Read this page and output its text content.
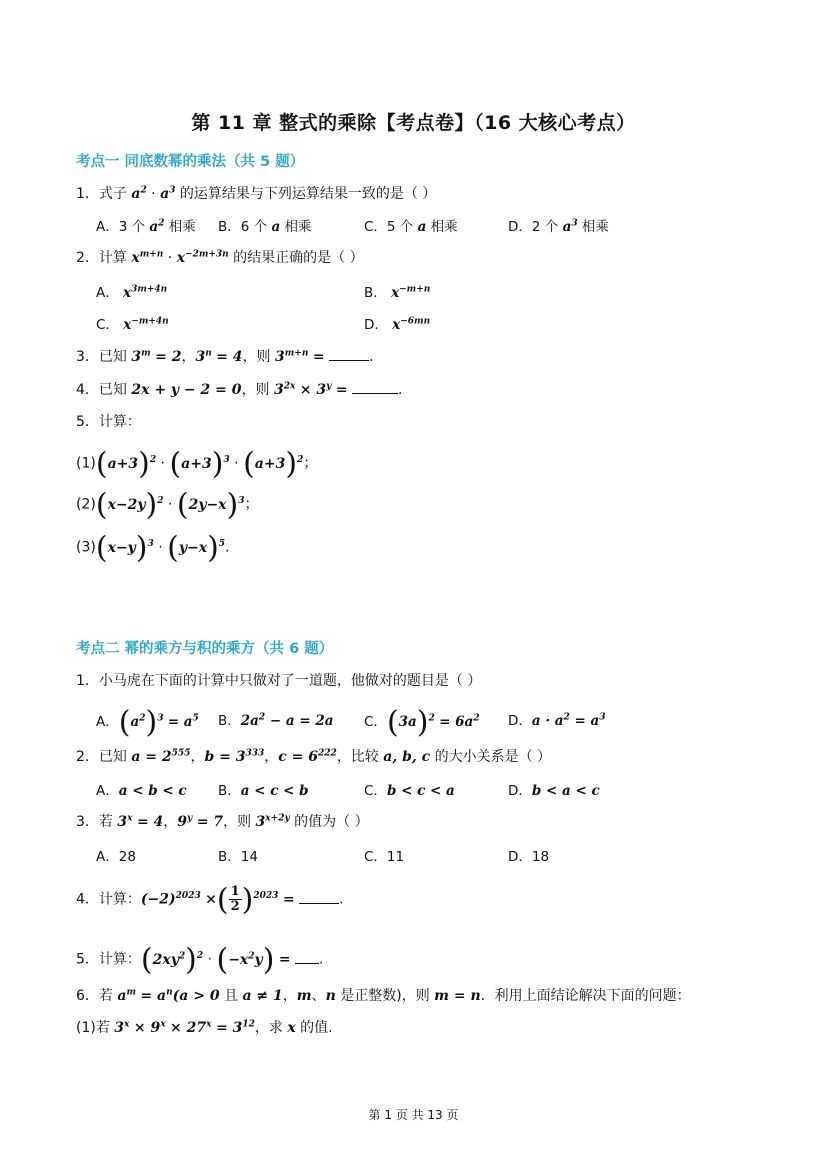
第 11 章 整式的乘除【考点卷】（16 大核心考点）
考点一 同底数幂的乘法（共 5 题）
1．式子 $a^2 \cdot a^3$ 的运算结果与下列运算结果一致的是（ ）
A．3 个 $a^2$ 相乘 B．6 个 a 相乘	C．5 个 a 相乘	D．2 个 $a^3$ 相乘
2．计算 $x^{m+n} \cdot x^{-2m+3n}$ 的结果正确的是（ ）
A． $x^{3m+4n}$	B． $x^{-m+n}$
C． $x^{-m+4n}$	D． $x^{-6mn}$
3．已知 $3^m = 2$，$3^n = 4$，则 $3^{m+n}$ =	.
4．已知 2x + y − 2 = 0，则 $3^{2x} \times 3^y$ =	.
5．计算：
$(1)(a+3)^2 \cdot (a+3)^3 \cdot (a+3)^2$；
$(2)(x-2y)^2 \cdot (2y-x)^3$；
$(3)(x-y)^3 \cdot (y-x)^5$.
考点二 幂的乘方与积的乘方（共 6 题）
1．小马虎在下面的计算中只做对了一道题，他做对的题目是（ ）
A．$(a^2)^3 = a^5$ B．$2a^2 - a = 2a$ C．$(3a)^2 = 6a^2$ D．$a \cdot a^2 = a^3$
2．已知 $a = 2^{555}$，$b = 3^{333}$，$c = 6^{222}$，比较 a, b, c 的大小关系是（ ）
A．a < b < c B．a < c < b	C．b < c < a	D．b < a < c
3．若 $3^x = 4$，$9^y = 7$，则 $3^{x+2y}$ 的值为（ ）
A．28	B．14	C．11	D．18
4．计算：$(-2)^{2023}$ ×( $\frac{1}{2} )^{2023}$ =	.
5．计算：$(2xy^2)^2 \cdot (-x^2y)$ = .
6．若 $a^m = a^n(a > 0$ 且 a ≠ 1，m、n 是正整数)，则 m = n．利用上面结论解决下面的问题：
(1)若 $3^x \times 9^x \times 27^x = 3^{12}$，求 x 的值.
第 1 页 共 13 页
